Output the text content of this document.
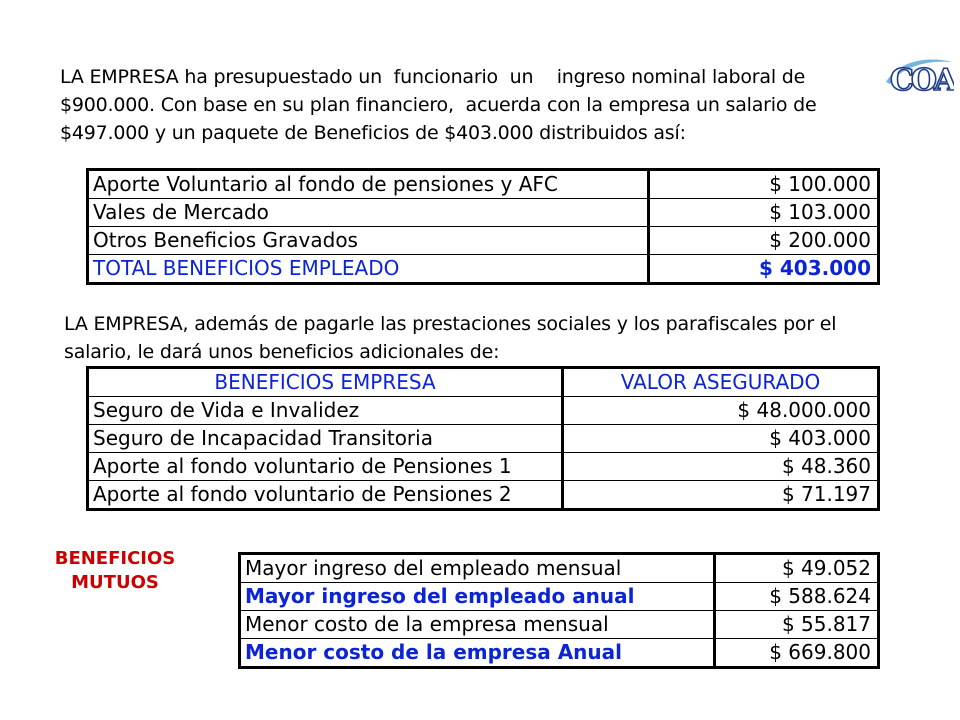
LA EMPRESA ha presupuestado un  funcionario  un    ingreso nominal laboral de
$900.000. Con base en su plan financiero,  acuerda con la empresa un salario de
$497.000 y un paquete de Beneficios de $403.000 distribuidos así:

COA
Aporte Voluntario al fondo de pensiones y AFC	$ 100.000
Vales de Mercado	$ 103.000
Otros Beneficios Gravados	$ 200.000
TOTAL BENEFICIOS EMPLEADO	$ 403.000

LA EMPRESA, además de pagarle las prestaciones sociales y los parafiscales por el
salario, le dará unos beneficios adicionales de:

BENEFICIOS EMPRESA	VALOR ASEGURADO
Seguro de Vida e Invalidez	$ 48.000.000
Seguro de Incapacidad Transitoria	$ 403.000
Aporte al fondo voluntario de Pensiones 1	$ 48.360
Aporte al fondo voluntario de Pensiones 2	$ 71.197
BENEFICIOS
MUTUOS
Mayor ingreso del empleado mensual	$ 49.052
Mayor ingreso del empleado anual	$ 588.624
Menor costo de la empresa mensual	$ 55.817
Menor costo de la empresa Anual	$ 669.800
